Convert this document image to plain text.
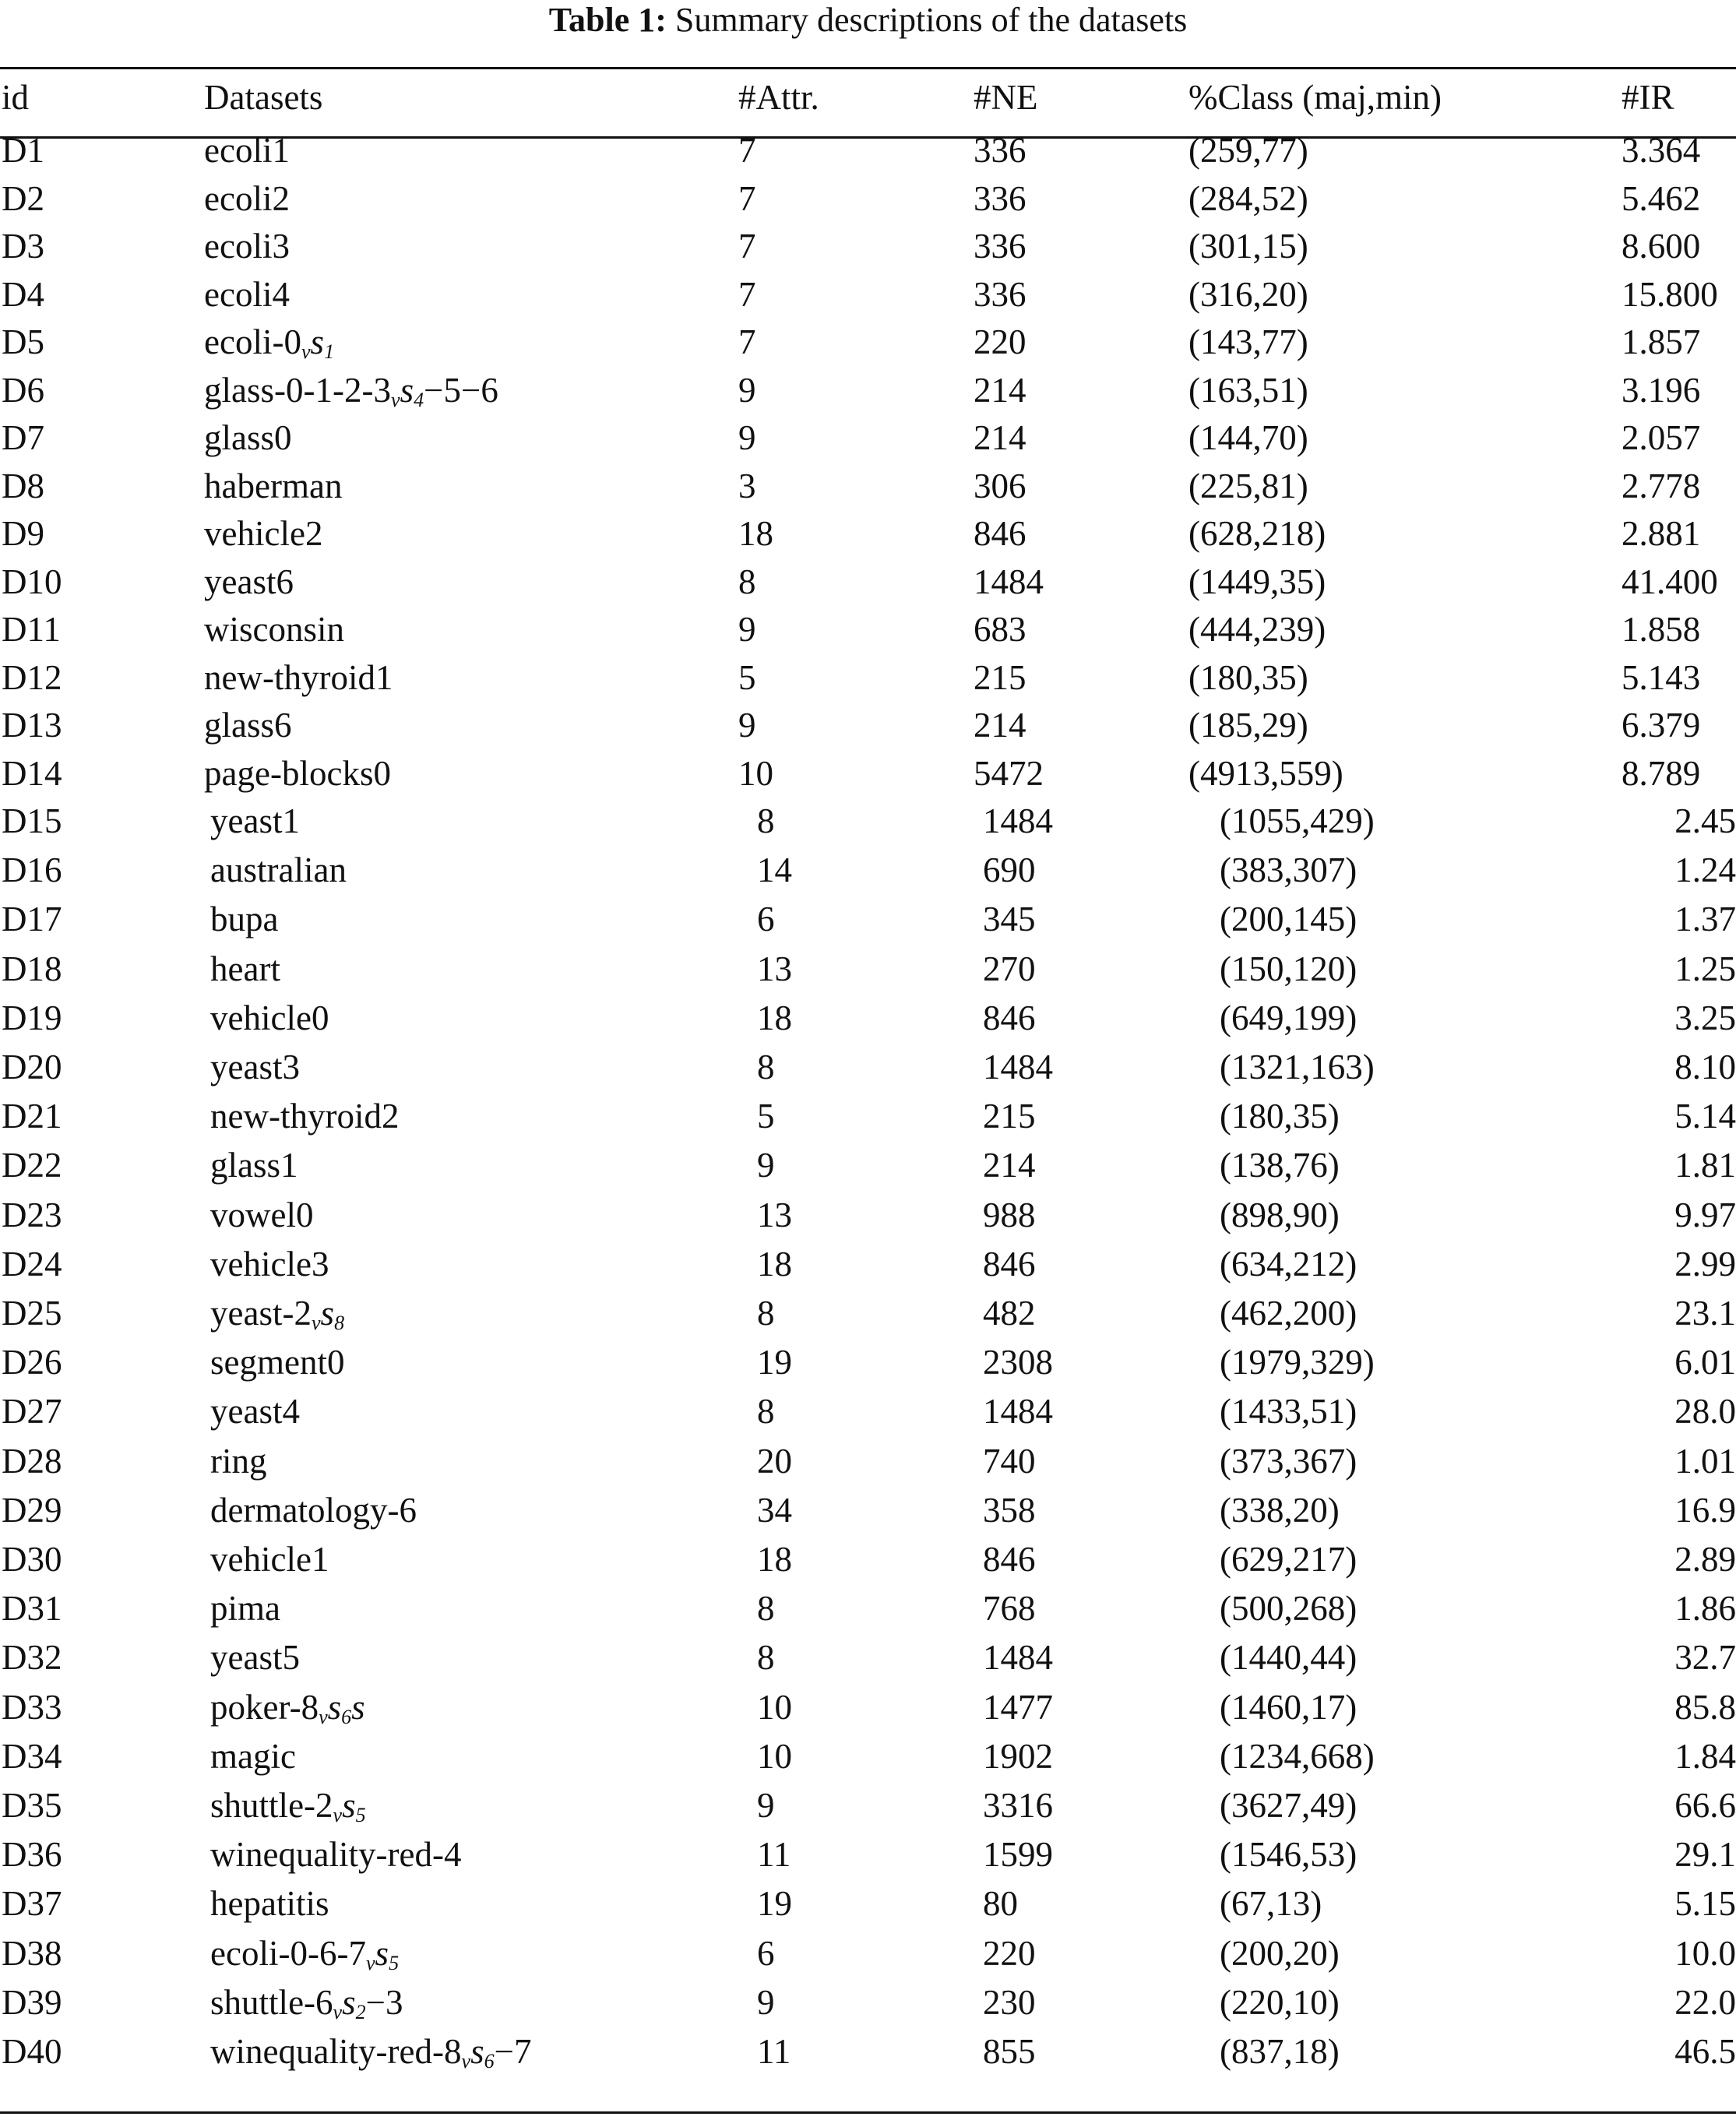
Table 1: Summary descriptions of the datasets
id	Datasets	#Attr.	#NE	%Class (maj,min)	#IR
D1	ecoli1	7	336	(259,77)	3.364
D2	ecoli2	7	336	(284,52)	5.462
D3	ecoli3	7	336	(301,15)	8.600
D4	ecoli4	7	336	(316,20)	15.800
D5	ecoli-$0_vs_1$	7	220	(143,77)	1.857
D6	glass-$0-1-2-3_vs_4-5-6$	9	214	(163,51)	3.196
D7	glass0	9	214	(144,70)	2.057
D8	haberman	3	306	(225,81)	2.778
D9	vehicle2	18	846	(628,218)	2.881
D10	yeast6	8	1484	(1449,35)	41.400
D11	wisconsin	9	683	(444,239)	1.858
D12	new-thyroid1	5	215	(180,35)	5.143
D13	glass6	9	214	(185,29)	6.379
D14	page-blocks0	10	5472	(4913,559)	8.789
D15	yeast1	8	1484	(1055,429)	2.45
D16	australian	14	690	(383,307)	1.24
D17	bupa	6	345	(200,145)	1.37
D18	heart	13	270	(150,120)	1.25
D19	vehicle0	18	846	(649,199)	3.25
D20	yeast3	8	1484	(1321,163)	8.10
D21	new-thyroid2	5	215	(180,35)	5.14
D22	glass1	9	214	(138,76)	1.81
D23	vowel0	13	988	(898,90)	9.97
D24	vehicle3	18	846	(634,212)	2.99
D25	yeast-$2_vs_8$	8	482	(462,200)	23.1
D26	segment0	19	2308	(1979,329)	6.01
D27	yeast4	8	1484	(1433,51)	28.0
D28	ring	20	740	(373,367)	1.01
D29	dermatology-6	34	358	(338,20)	16.9
D30	vehicle1	18	846	(629,217)	2.89
D31	pima	8	768	(500,268)	1.86
D32	yeast5	8	1484	(1440,44)	32.7
D33	poker-$8_vs_6s$	10	1477	(1460,17)	85.8
D34	magic	10	1902	(1234,668)	1.84
D35	shuttle-$2_vs_5$	9	3316	(3627,49)	66.6
D36	winequality-red-4	11	1599	(1546,53)	29.1
D37	hepatitis	19	80	(67,13)	5.15
D38	ecoli-$0-6-7_vs_5$	6	220	(200,20)	10.0
D39	shuttle-$6_vs_2-3$	9	230	(220,10)	22.0
D40	winequality-$red-8_vs_6-7$	11	855	(837,18)	46.5
